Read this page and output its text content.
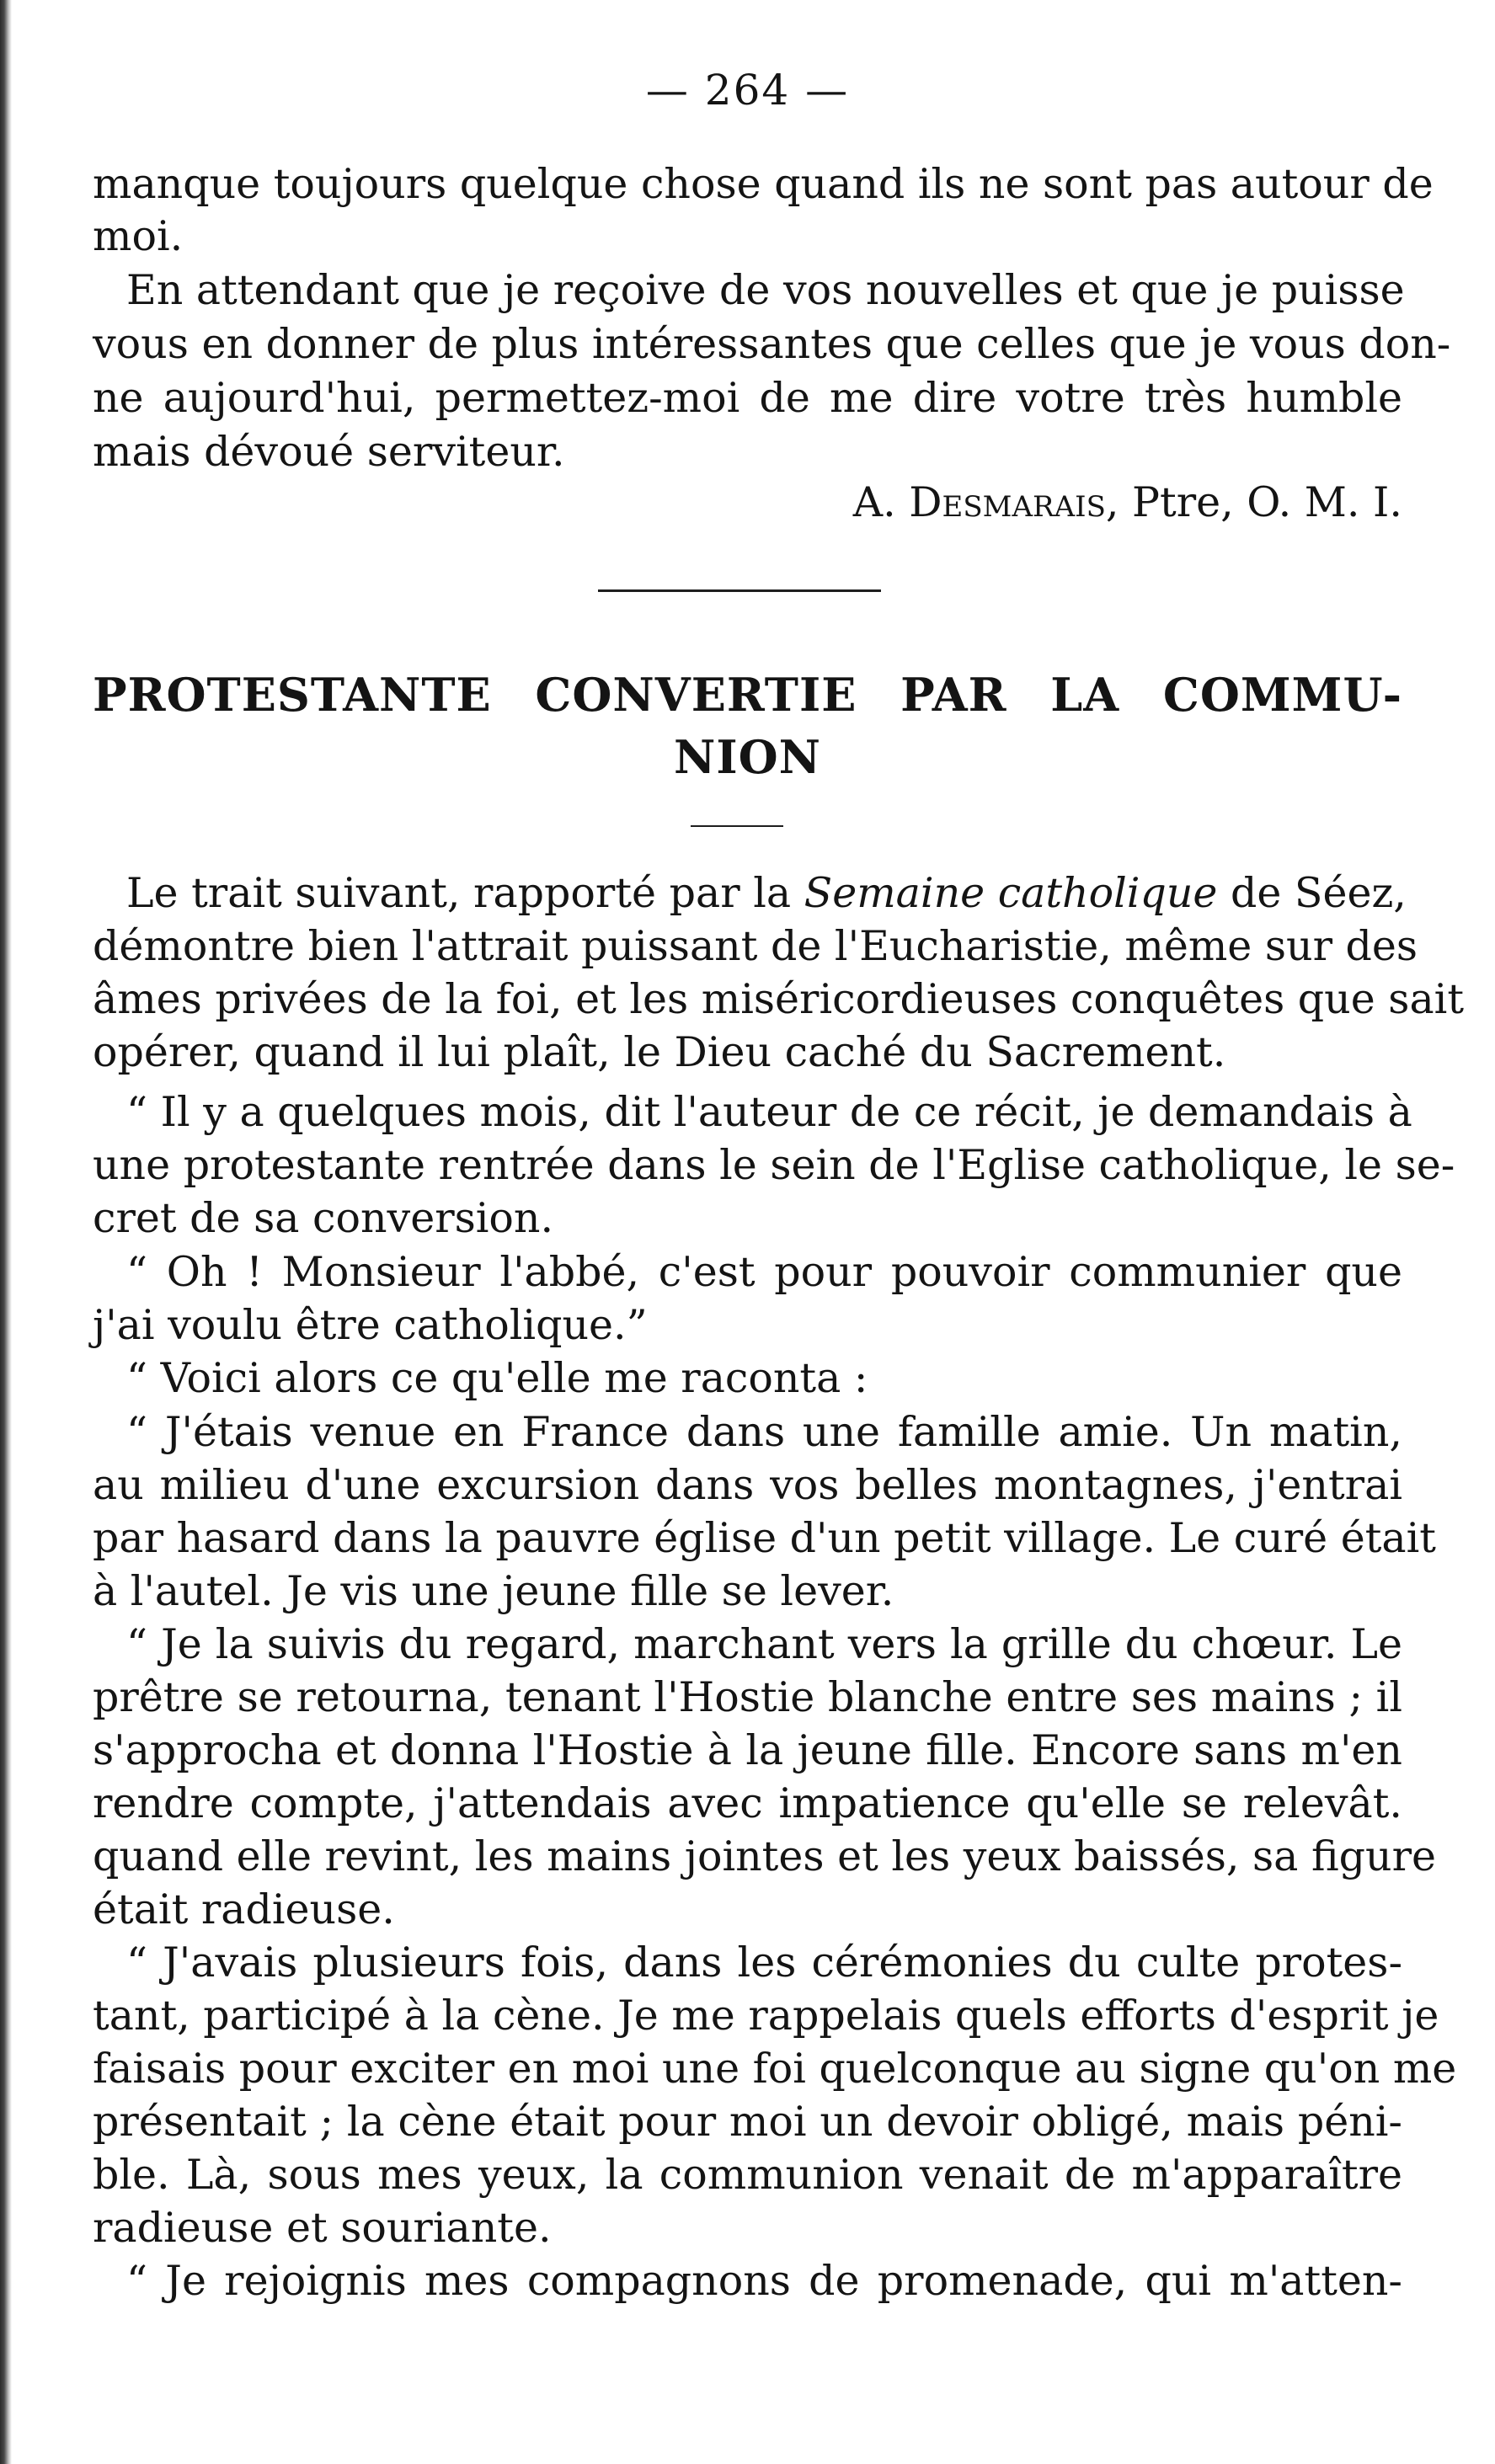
— 264 —
manque toujours quelque chose quand ils ne sont pas autour de
moi.
En attendant que je reçoive de vos nouvelles et que je puisse
vous en donner de plus intéressantes que celles que je vous don-
ne aujourd'hui, permettez-moi de me dire votre très humble
mais dévoué serviteur.
A. Desmarais, Ptre, O. M. I.
PROTESTANTE CONVERTIE PAR LA COMMU-
NION
Le trait suivant, rapporté par la Semaine catholique de Séez,
démontre bien l'attrait puissant de l'Eucharistie, même sur des
âmes privées de la foi, et les miséricordieuses conquêtes que sait
opérer, quand il lui plaît, le Dieu caché du Sacrement.
“ Il y a quelques mois, dit l'auteur de ce récit, je demandais à
une protestante rentrée dans le sein de l'Eglise catholique, le se-
cret de sa conversion.
“ Oh ! Monsieur l'abbé, c'est pour pouvoir communier que
j'ai voulu être catholique.”
“ Voici alors ce qu'elle me raconta :
“ J'étais venue en France dans une famille amie. Un matin,
au milieu d'une excursion dans vos belles montagnes, j'entrai
par hasard dans la pauvre église d'un petit village. Le curé était
à l'autel. Je vis une jeune fille se lever.
“ Je la suivis du regard, marchant vers la grille du chœur. Le
prêtre se retourna, tenant l'Hostie blanche entre ses mains ; il
s'approcha et donna l'Hostie à la jeune fille. Encore sans m'en
rendre compte, j'attendais avec impatience qu'elle se relevât.
quand elle revint, les mains jointes et les yeux baissés, sa figure
était radieuse.
“ J'avais plusieurs fois, dans les cérémonies du culte protes-
tant, participé à la cène. Je me rappelais quels efforts d'esprit je
faisais pour exciter en moi une foi quelconque au signe qu'on me
présentait ; la cène était pour moi un devoir obligé, mais péni-
ble. Là, sous mes yeux, la communion venait de m'apparaître
radieuse et souriante.
“ Je rejoignis mes compagnons de promenade, qui m'atten-
